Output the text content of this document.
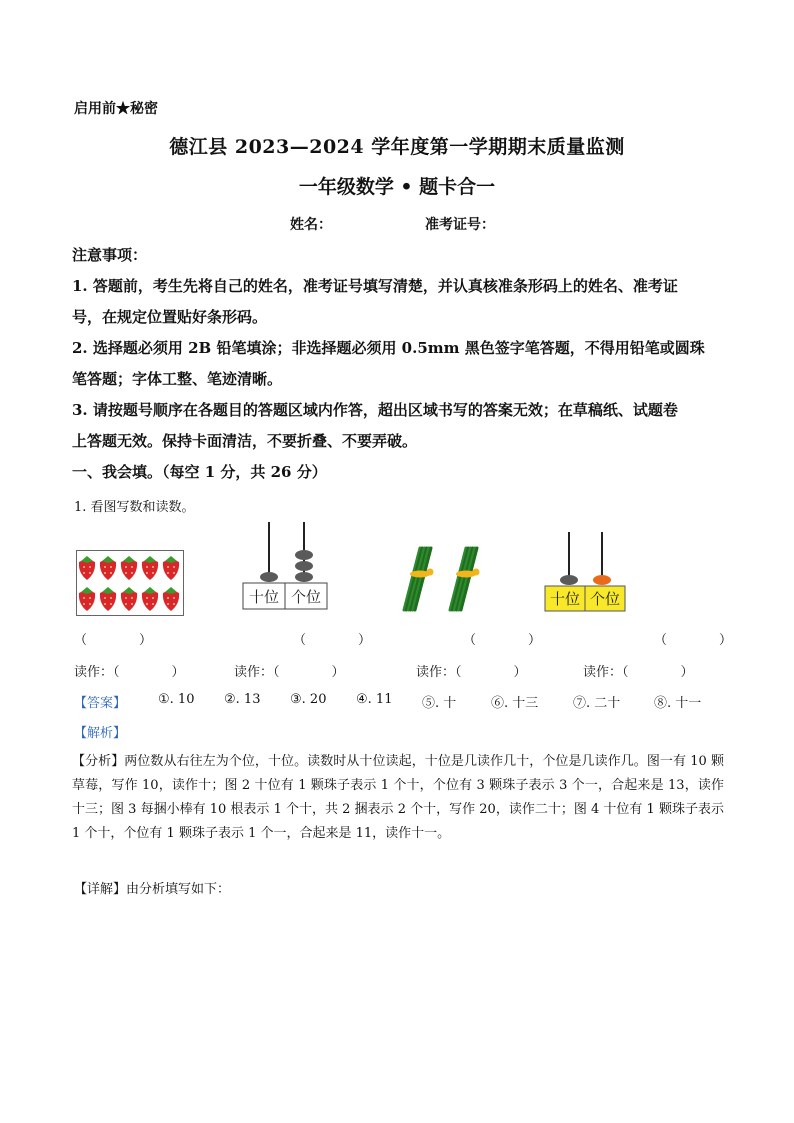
启用前★秘密
德江县 2023—2024 学年度第一学期期末质量监测
一年级数学 • 题卡合一
姓名：	准考证号：
注意事项：
1. 答题前，考生先将自己的姓名，准考证号填写清楚，并认真核准条形码上的姓名、准考证
号，在规定位置贴好条形码。
2. 选择题必须用 2B 铅笔填涂；非选择题必须用 0.5mm 黑色签字笔答题，不得用铅笔或圆珠
笔答题；字体工整、笔迹清晰。
3. 请按题号顺序在各题目的答题区域内作答，超出区域书写的答案无效；在草稿纸、试题卷
上答题无效。保持卡面清洁，不要折叠、不要弄破。
一、我会填。（每空 1 分，共 26 分）
1. 看图写数和读数。
十位 个位	十位 个位
（　　　　）	（　　　　）	（　　　　）	（　　　　）
读作：（　　　　）	读作：（　　　　）	读作：（　　　　）	读作：（　　　　）
【答案】 ①. 10 ②. 13 ③. 20 ④. 11 ⑤. 十	⑥. 十三	⑦. 二十	⑧. 十一
【解析】
【分析】两位数从右往左为个位，十位。读数时从十位读起，十位是几读作几十，个位是几读作几。图一有 10 颗草莓，写作 10，读作十；图 2 十位有 1 颗珠子表示 1 个十，个位有 3 颗珠子表示 3 个一，合起来是 13，读作十三；图 3 每捆小棒有 10 根表示 1 个十，共 2 捆表示 2 个十，写作 20，读作二十；图 4 十位有 1 颗珠子表示 1 个十，个位有 1 颗珠子表示 1 个一，合起来是 11，读作十一。
【详解】由分析填写如下：
